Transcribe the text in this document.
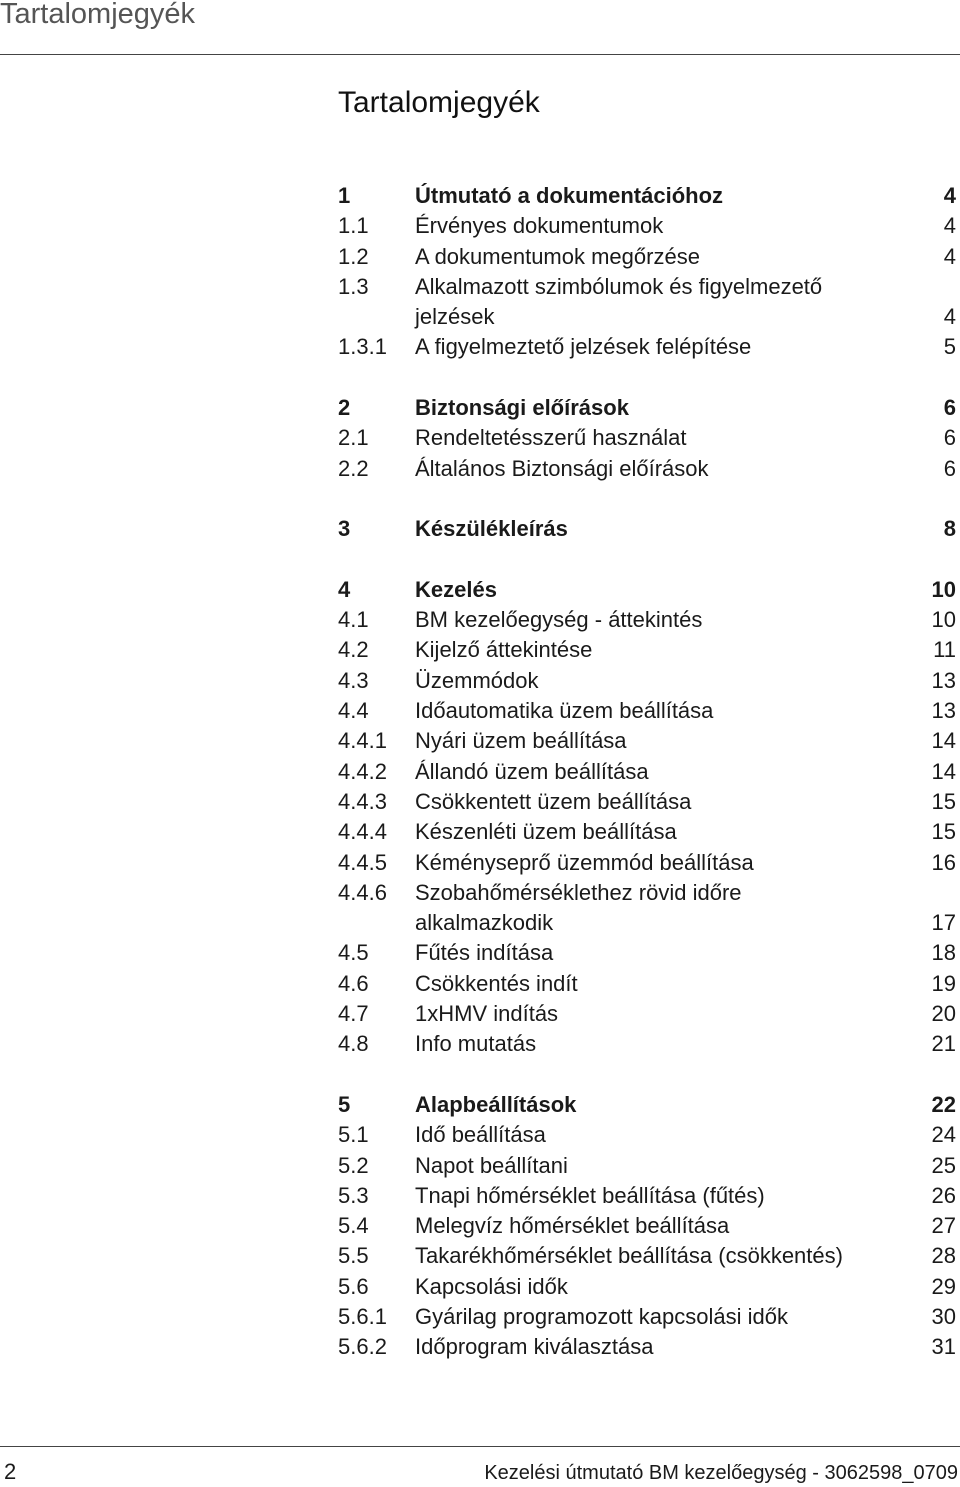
Tartalomjegyék
Tartalomjegyék
1	Útmutató a dokumentációhoz	4
1.1 Érvényes dokumentumok	4
1.2 A dokumentumok megőrzése	4
1.3 Alkalmazott szimbólumok és figyelmezető
jelzések	4
1.3.1 A figyelmeztető jelzések felépítése	5
2	Biztonsági előírások	6
2.1 Rendeltetésszerű használat	6
2.2 Általános Biztonsági előírások	6
3	Készülékleírás	8
4	Kezelés	10
4.1 BM kezelőegység - áttekintés	10
4.2 Kijelző áttekintése	11
4.3 Üzemmódok	13
4.4 Időautomatika üzem beállítása	13
4.4.1 Nyári üzem beállítása	14
4.4.2 Állandó üzem beállítása	14
4.4.3 Csökkentett üzem beállítása	15
4.4.4 Készenléti üzem beállítása	15
4.4.5 Kéményseprő üzemmód beállítása	16
4.4.6 Szobahőmérséklethez rövid időre
alkalmazkodik	17
4.5 Fűtés indítása	18
4.6 Csökkentés indít	19
4.7 1xHMV indítás	20
4.8 Info mutatás	21
5	Alapbeállítások	22
5.1 Idő beállítása	24
5.2 Napot beállítani	25
5.3 Tnapi hőmérséklet beállítása (fűtés)	26
5.4 Melegvíz hőmérséklet beállítása	27
5.5 Takarékhőmérséklet beállítása (csökkentés)	28
5.6 Kapcsolási idők	29
5.6.1 Gyárilag programozott kapcsolási idők	30
5.6.2 Időprogram kiválasztása	31
2	Kezelési útmutató BM kezelőegység - 3062598_0709
